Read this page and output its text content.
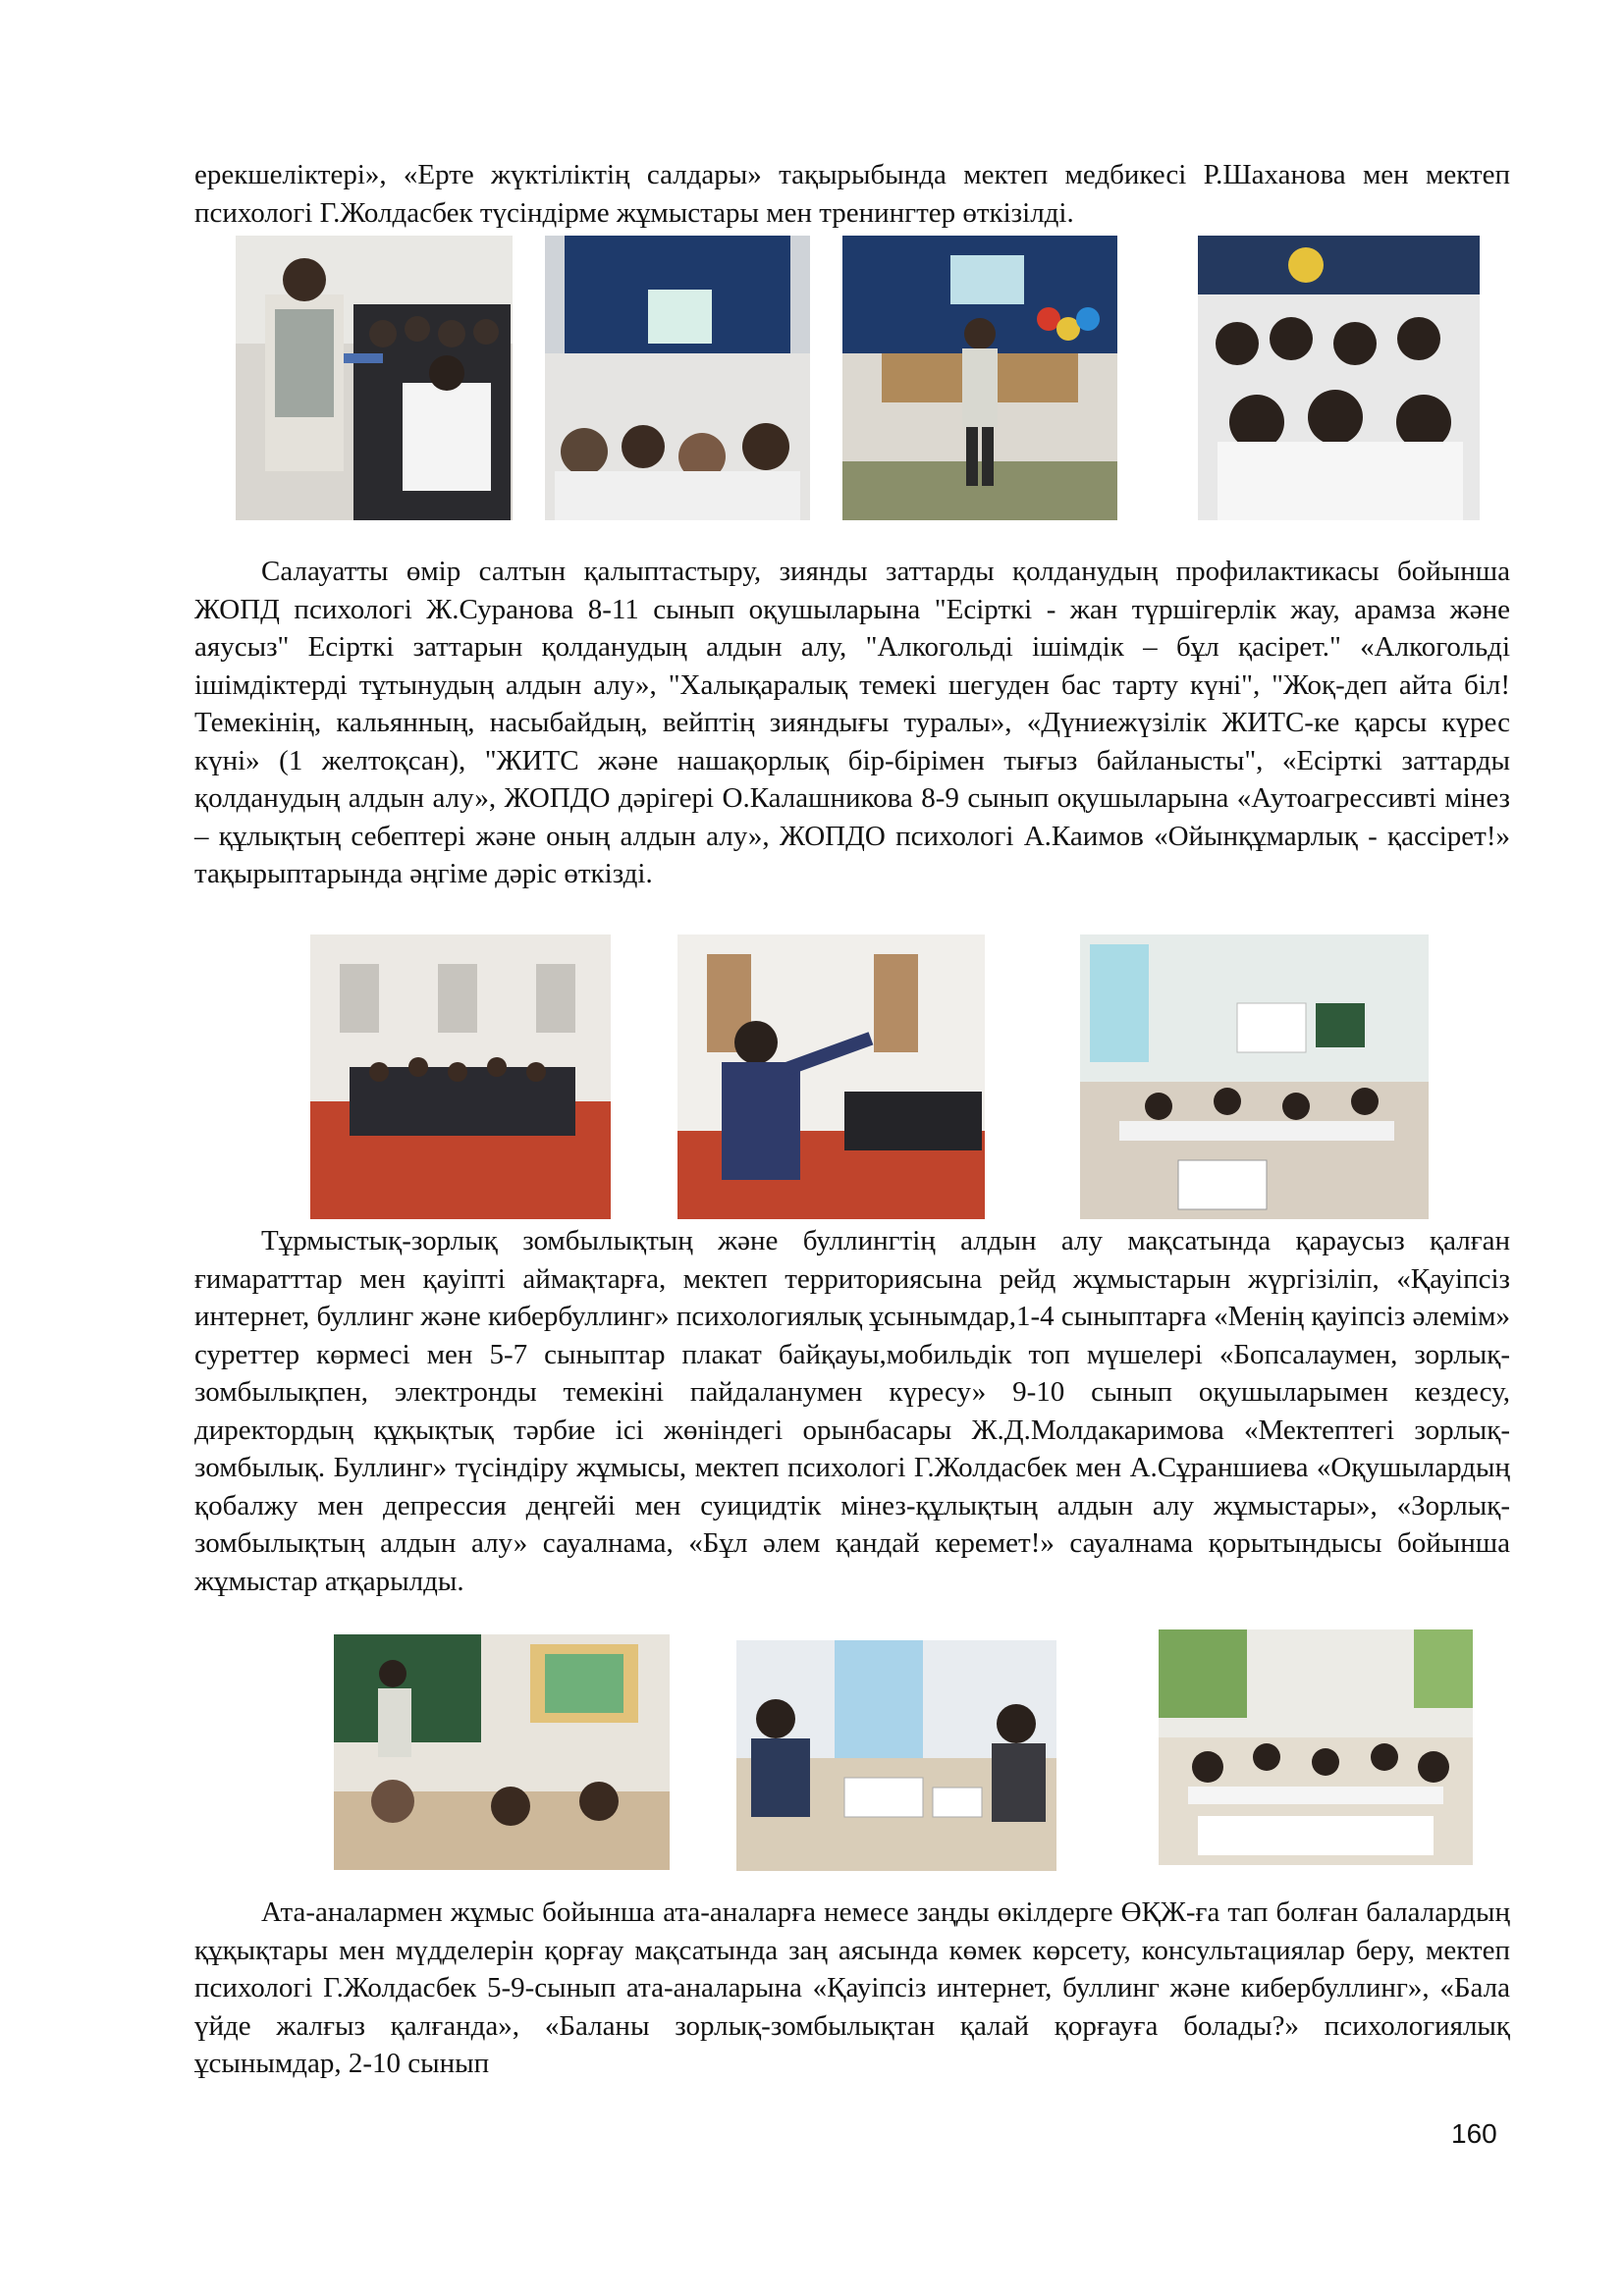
ерекшеліктері», «Ерте жүктіліктің салдары» тақырыбында мектеп медбикесі Р.Шаханова мен мектеп психологі Г.Жолдасбек түсіндірме жұмыстары мен тренингтер өткізілді.

Салауатты өмір салтын қалыптастыру, зиянды заттарды қолданудың профилактикасы бойынша ЖОПД психологі Ж.Суранова 8-11 сынып оқушыларына "Есірткі - жан түршігерлік жау, арамза және аяусыз" Есірткі заттарын қолданудың алдын алу, "Алкогольді ішімдік – бұл қасірет." «Алкогольді ішімдіктерді тұтынудың алдын алу», "Халықаралық темекі шегуден бас тарту күні", "Жоқ-деп айта біл! Темекінің, кальянның, насыбайдың, вейптің зияндығы туралы», «Дүниежүзілік ЖИТС-ке қарсы күрес күні» (1 желтоқсан), "ЖИТС және нашақорлық бір-бірімен тығыз байланысты", «Есірткі заттарды қолданудың алдын алу», ЖОПДО дәрігері О.Калашникова 8-9 сынып оқушыларына «Аутоагрессивті мінез – құлықтың себептері және оның алдын алу», ЖОПДО психологі А.Каимов «Ойынқұмарлық - қассірет!» тақырыптарында әңгіме дәріс өткізді.

Тұрмыстық-зорлық зомбылықтың және буллингтің алдын алу мақсатында қараусыз қалған ғимаратттар мен қауіпті аймақтарға, мектеп территориясына рейд жұмыстарын жүргізіліп, «Қауіпсіз интернет, буллинг және кибербуллинг» психологиялық ұсынымдар,1-4 сыныптарға «Менің қауіпсіз әлемім» суреттер көрмесі мен 5-7 сыныптар плакат байқауы,мобильдік топ мүшелері «Бопсалаумен, зорлық-зомбылықпен, электронды темекіні пайдаланумен күресу» 9-10 сынып оқушыларымен кездесу, директордың құқықтық тәрбие ісі жөніндегі орынбасары Ж.Д.Молдакаримова «Мектептегі зорлық-зомбылық. Буллинг» түсіндіру жұмысы, мектеп психологі Г.Жолдасбек мен А.Сұраншиева «Оқушылардың қобалжу мен депрессия деңгейі мен суицидтік мінез-құлықтың алдын алу жұмыстары», «Зорлық-зомбылықтың алдын алу» сауалнама, «Бұл әлем қандай керемет!» сауалнама қорытындысы бойынша жұмыстар атқарылды.

Ата-аналармен жұмыс бойынша ата-аналарға немесе заңды өкілдерге ӨҚЖ-ға тап болған балалардың құқықтары мен мүдделерін қорғау мақсатында заң аясында көмек көрсету, консультациялар беру, мектеп психологі Г.Жолдасбек 5-9-сынып ата-аналарына «Қауіпсіз интернет, буллинг және кибербуллинг», «Бала үйде жалғыз қалғанда», «Баланы зорлық-зомбылықтан қалай қорғауға болады?» психологиялық ұсынымдар, 2-10 сынып

160
